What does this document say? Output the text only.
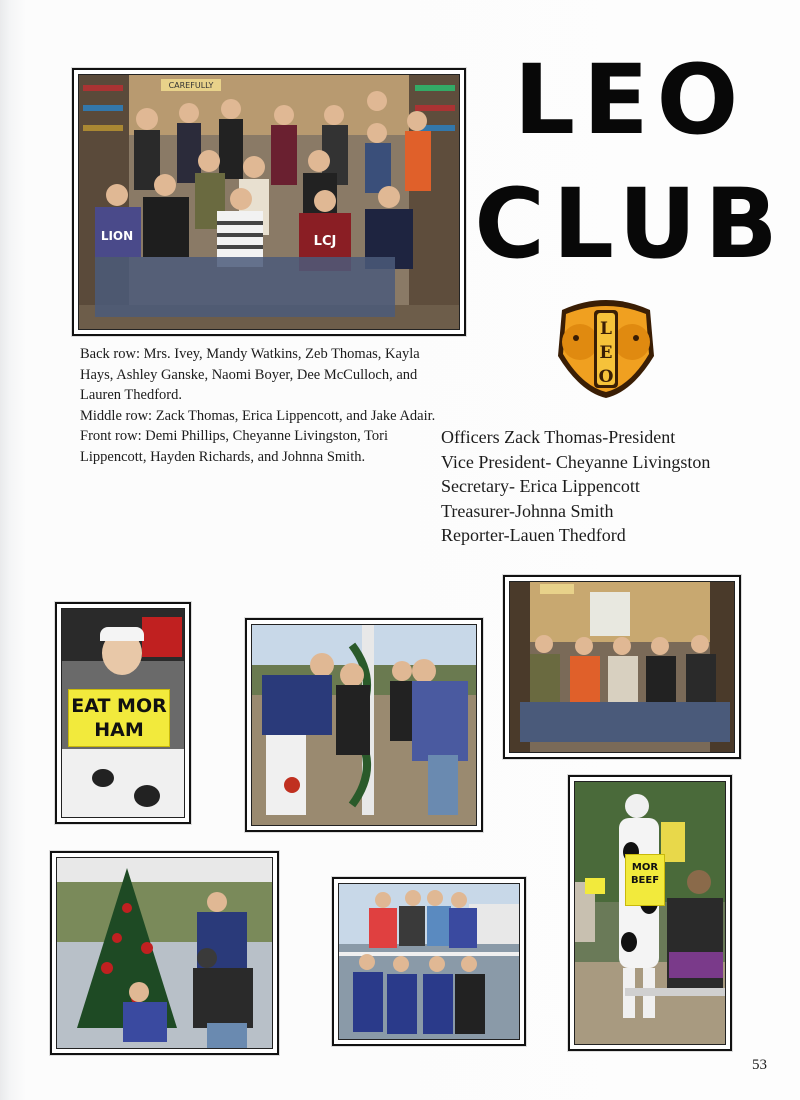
LEO
CLUB
CAREFULLY
LION	LCJ

Back row: Mrs. Ivey, Mandy Watkins, Zeb Thomas, Kayla Hays, Ashley Ganske, Naomi Boyer, Dee McCulloch, and Lauren Thedford.

Middle row: Zack Thomas, Erica Lippencott, and Jake Adair.

Front row: Demi Phillips, Cheyanne Livingston, Tori Lippencott, Hayden Richards, and Johnna Smith.

L
E
O

Officers Zack Thomas-President

Vice President- Cheyanne Livingston

Secretary- Erica Lippencott

Treasurer-Johnna Smith

Reporter-Lauen Thedford

EAT MOR HAM
MOR BEEF
53
